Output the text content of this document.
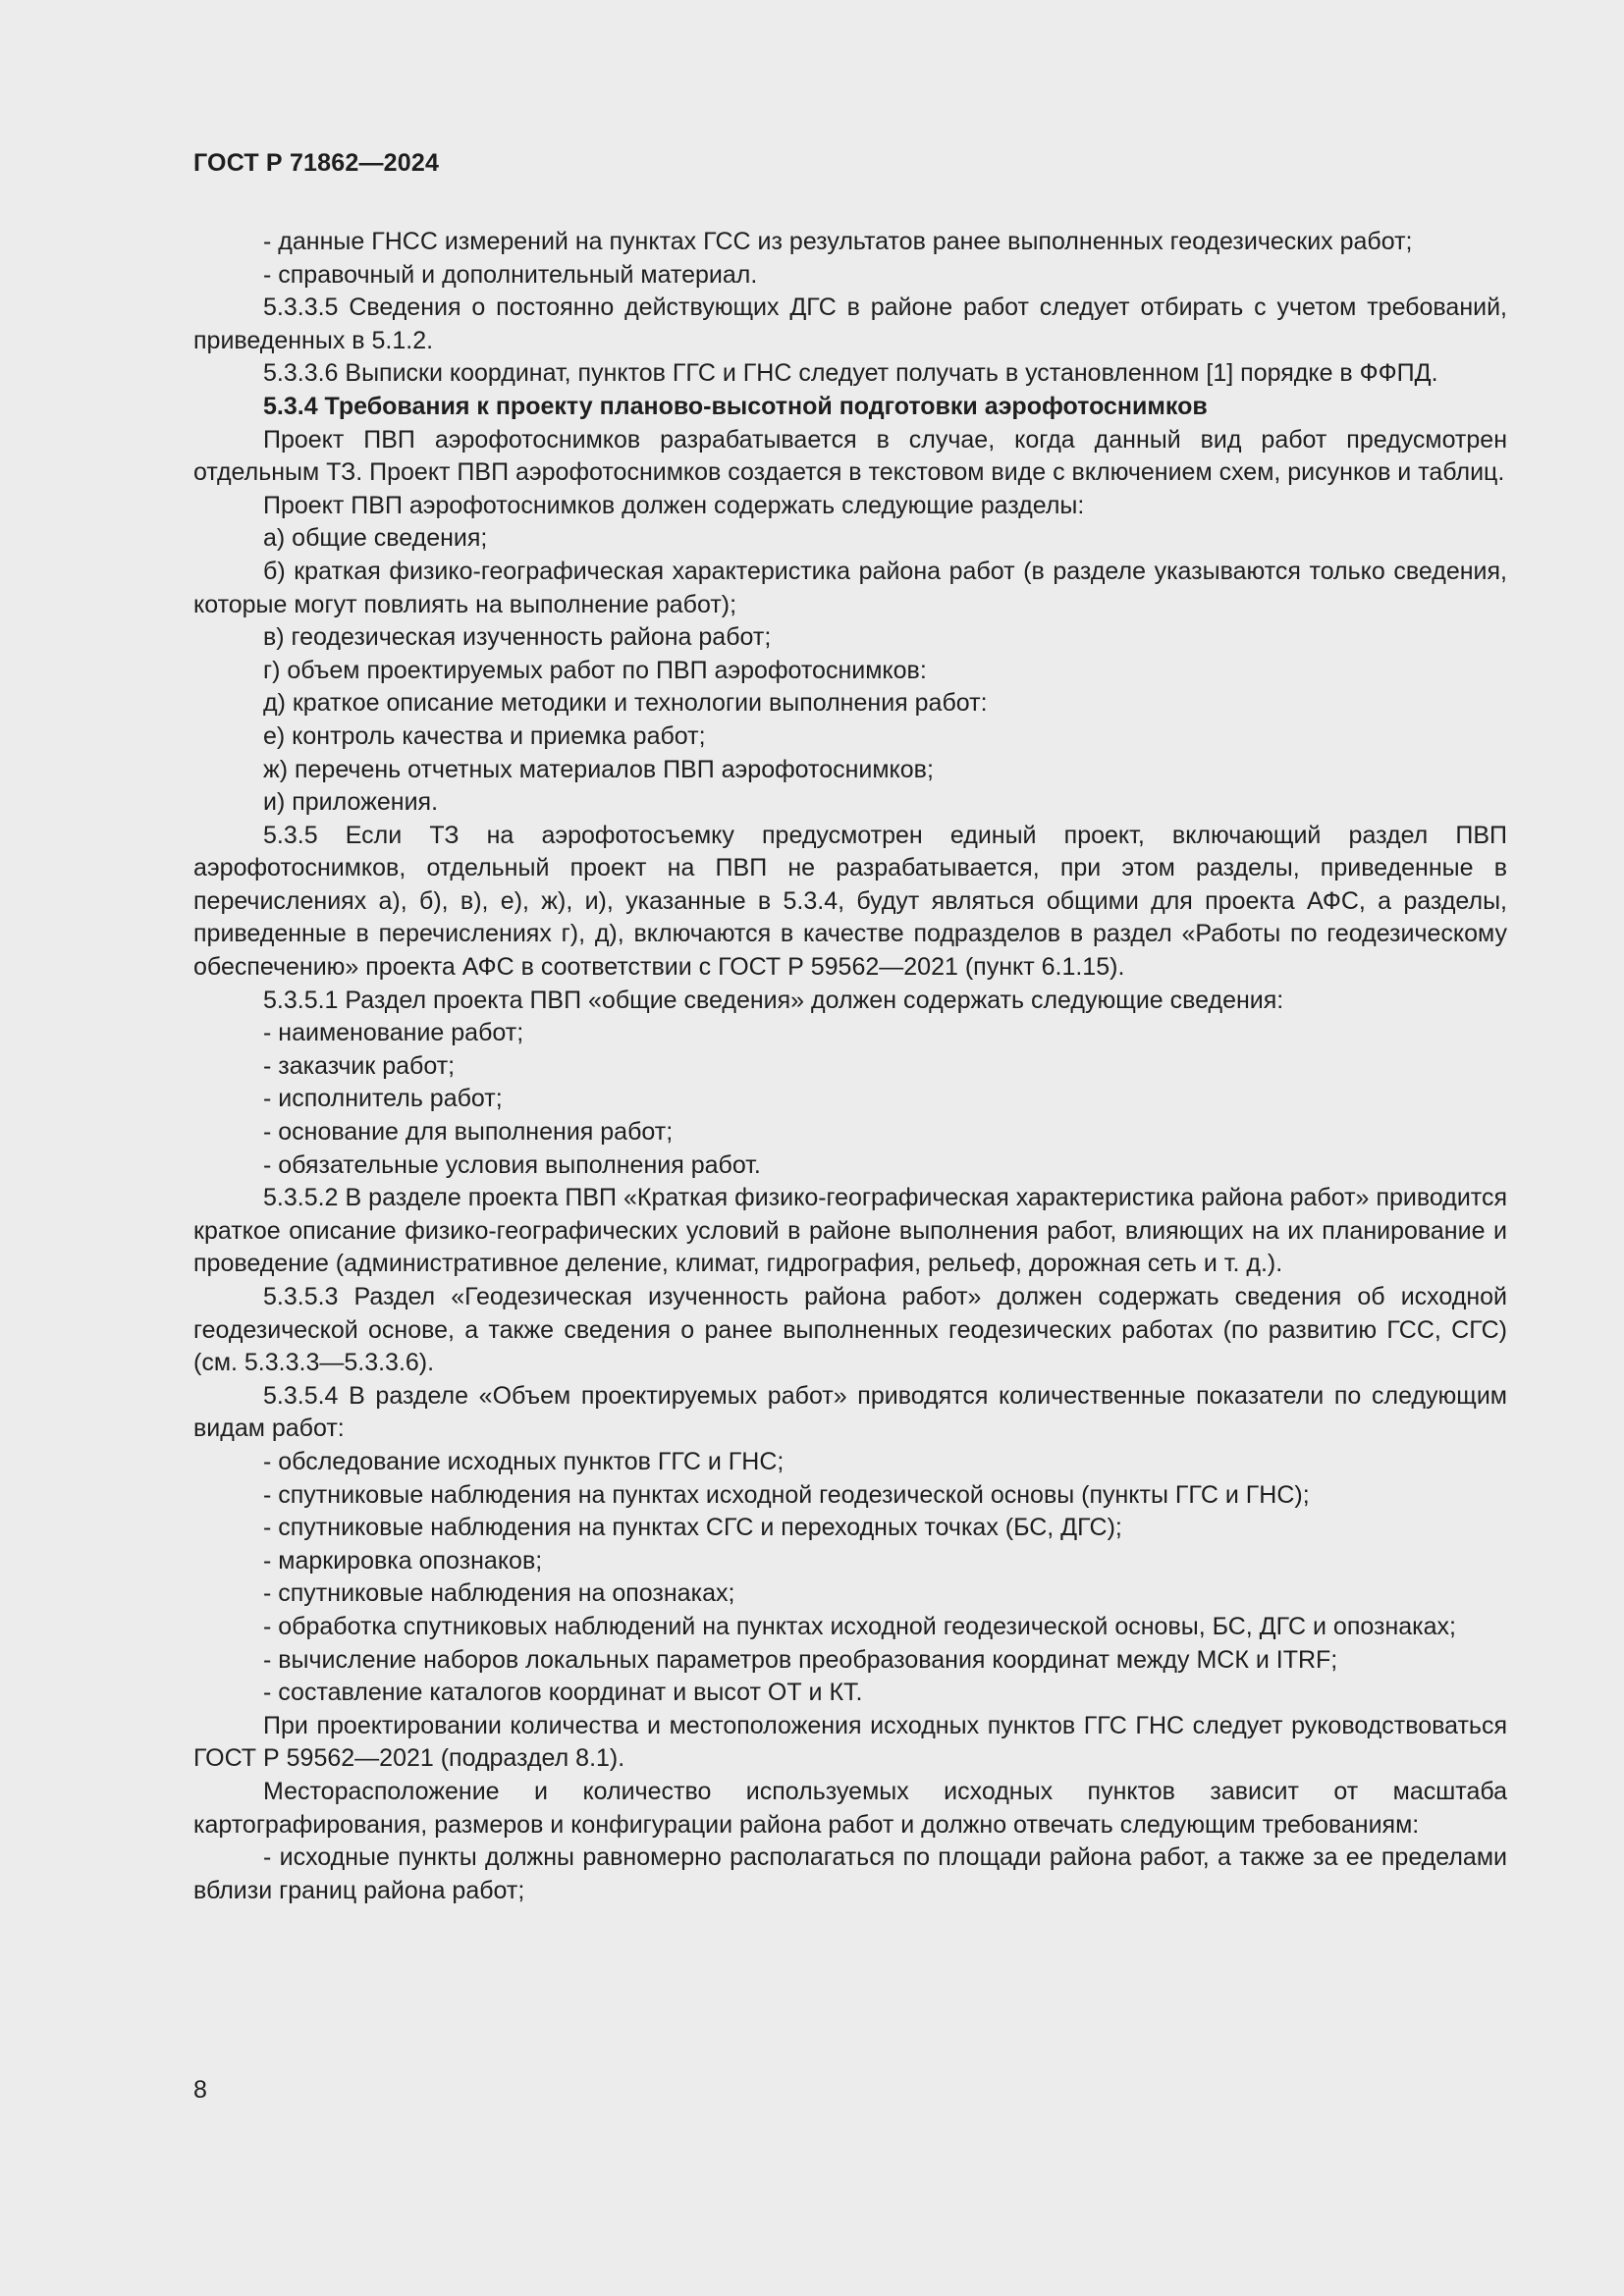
ГОСТ Р 71862—2024

- данные ГНСС измерений на пунктах ГСС из результатов ранее выполненных геодезических работ;

- справочный и дополнительный материал.

5.3.3.5 Сведения о постоянно действующих ДГС в районе работ следует отбирать с учетом требований, приведенных в 5.1.2.

5.3.3.6 Выписки координат, пунктов ГГС и ГНС следует получать в установленном [1] порядке в ФФПД.

5.3.4 Требования к проекту планово-высотной подготовки аэрофотоснимков

Проект ПВП аэрофотоснимков разрабатывается в случае, когда данный вид работ предусмотрен отдельным ТЗ. Проект ПВП аэрофотоснимков создается в текстовом виде с включением схем, рисунков и таблиц.

Проект ПВП аэрофотоснимков должен содержать следующие разделы:

а) общие сведения;

б) краткая физико-географическая характеристика района работ (в разделе указываются только сведения, которые могут повлиять на выполнение работ);

в) геодезическая изученность района работ;

г) объем проектируемых работ по ПВП аэрофотоснимков:

д) краткое описание методики и технологии выполнения работ:

е) контроль качества и приемка работ;

ж) перечень отчетных материалов ПВП аэрофотоснимков;

и) приложения.

5.3.5 Если ТЗ на аэрофотосъемку предусмотрен единый проект, включающий раздел ПВП аэрофотоснимков, отдельный проект на ПВП не разрабатывается, при этом разделы, приведенные в перечислениях а), б), в), е), ж), и), указанные в 5.3.4, будут являться общими для проекта АФС, а разделы, приведенные в перечислениях г), д), включаются в качестве подразделов в раздел «Работы по геодезическому обеспечению» проекта АФС в соответствии с ГОСТ Р 59562—2021 (пункт 6.1.15).

5.3.5.1 Раздел проекта ПВП «общие сведения» должен содержать следующие сведения:

- наименование работ;

- заказчик работ;

- исполнитель работ;

- основание для выполнения работ;

- обязательные условия выполнения работ.

5.3.5.2 В разделе проекта ПВП «Краткая физико-географическая характеристика района работ» приводится краткое описание физико-географических условий в районе выполнения работ, влияющих на их планирование и проведение (административное деление, климат, гидрография, рельеф, дорожная сеть и т. д.).

5.3.5.3 Раздел «Геодезическая изученность района работ» должен содержать сведения об исходной геодезической основе, а также сведения о ранее выполненных геодезических работах (по развитию ГСС, СГС) (см. 5.3.3.3—5.3.3.6).

5.3.5.4 В разделе «Объем проектируемых работ» приводятся количественные показатели по следующим видам работ:

- обследование исходных пунктов ГГС и ГНС;

- спутниковые наблюдения на пунктах исходной геодезической основы (пункты ГГС и ГНС);

- спутниковые наблюдения на пунктах СГС и переходных точках (БС, ДГС);

- маркировка опознаков;

- спутниковые наблюдения на опознаках;

- обработка спутниковых наблюдений на пунктах исходной геодезической основы, БС, ДГС и опознаках;

- вычисление наборов локальных параметров преобразования координат между МСК и ITRF;

- составление каталогов координат и высот ОТ и КТ.

При проектировании количества и местоположения исходных пунктов ГГС ГНС следует руководствоваться ГОСТ Р 59562—2021 (подраздел 8.1).

Месторасположение и количество используемых исходных пунктов зависит от масштаба картографирования, размеров и конфигурации района работ и должно отвечать следующим требованиям:

- исходные пункты должны равномерно располагаться по площади района работ, а также за ее пределами вблизи границ района работ;

8
